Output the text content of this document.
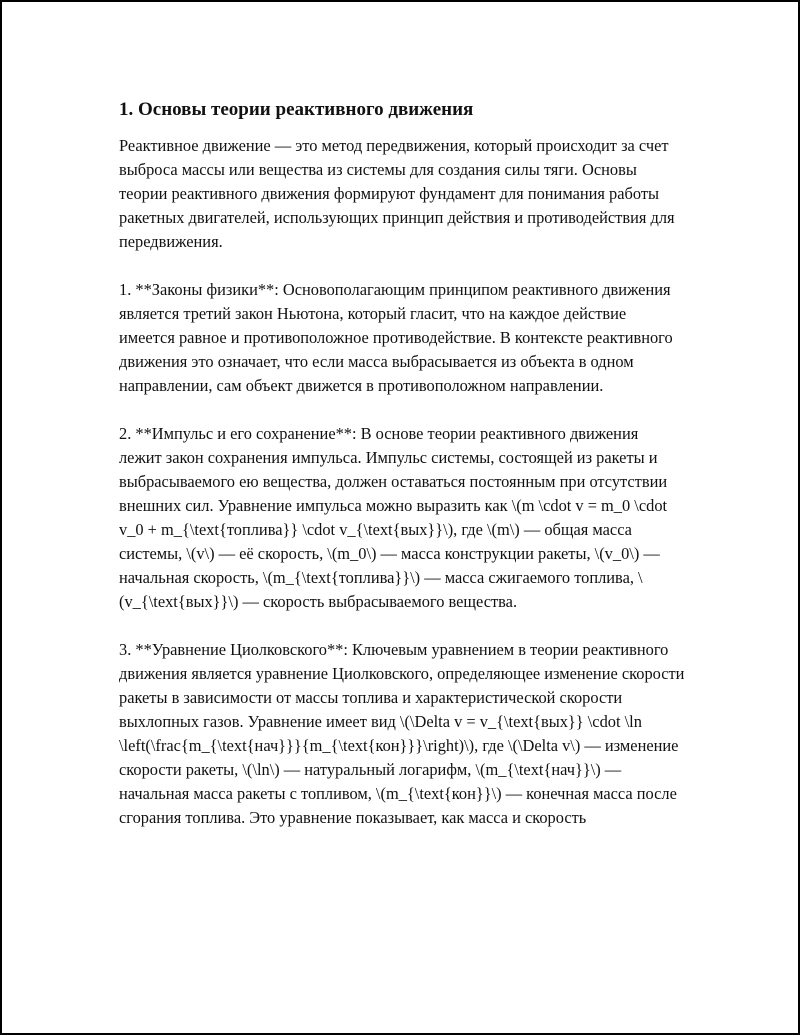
1. Основы теории реактивного движения

Реактивное движение — это метод передвижения, который происходит за счет выброса массы или вещества из системы для создания силы тяги. Основы теории реактивного движения формируют фундамент для понимания работы ракетных двигателей, использующих принцип действия и противодействия для передвижения.

1. **Законы физики**: Основополагающим принципом реактивного движения является третий закон Ньютона, который гласит, что на каждое действие имеется равное и противоположное противодействие. В контексте реактивного движения это означает, что если масса выбрасывается из объекта в одном направлении, сам объект движется в противоположном направлении.

2. **Импульс и его сохранение**: В основе теории реактивного движения лежит закон сохранения импульса. Импульс системы, состоящей из ракеты и выбрасываемого ею вещества, должен оставаться постоянным при отсутствии внешних сил. Уравнение импульса можно выразить как \(m \cdot v = m_0 \cdot v_0 + m_{\text{топлива}} \cdot v_{\text{вых}}\), где \(m\) — общая масса системы, \(v\) — её скорость, \(m_0\) — масса конструкции ракеты, \(v_0\) — начальная скорость, \(m_{\text{топлива}}\) — масса сжигаемого топлива, \(v_{\text{вых}}\) — скорость выбрасываемого вещества.

3. **Уравнение Циолковского**: Ключевым уравнением в теории реактивного движения является уравнение Циолковского, определяющее изменение скорости ракеты в зависимости от массы топлива и характеристической скорости выхлопных газов. Уравнение имеет вид \(\Delta v = v_{\text{вых}} \cdot \ln \left(\frac{m_{\text{нач}}}{m_{\text{кон}}}\right)\), где \(\Delta v\) — изменение скорости ракеты, \(\ln\) — натуральный логарифм, \(m_{\text{нач}}\) — начальная масса ракеты с топливом, \(m_{\text{кон}}\) — конечная масса после сгорания топлива. Это уравнение показывает, как масса и скорость
